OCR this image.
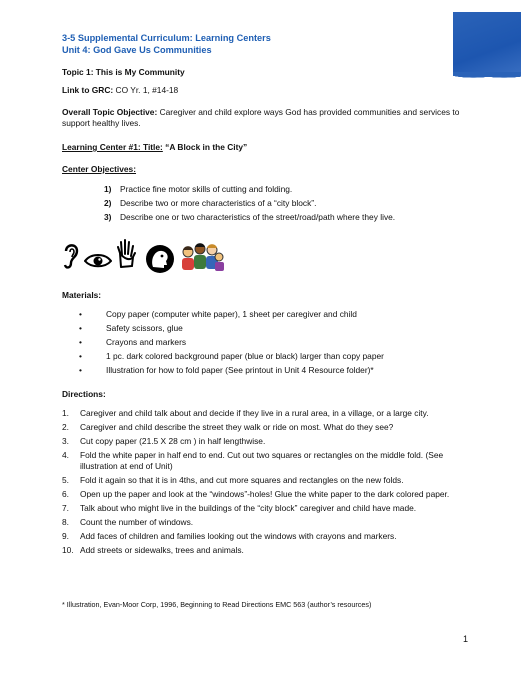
3-5 Supplemental Curriculum: Learning Centers
Unit 4: God Gave Us Communities
Topic 1: This is My Community
Link to GRC: CO Yr. 1, #14-18
Overall Topic Objective: Caregiver and child explore ways God has provided communities and services to support healthy lives.
Learning Center #1: Title: “A Block in the City”
Center Objectives:
1) Practice fine motor skills of cutting and folding.
2) Describe two or more characteristics of a “city block”.
3) Describe one or two characteristics of the street/road/path where they live.
Materials:
• Copy paper (computer white paper), 1 sheet per caregiver and child
• Safety scissors, glue
• Crayons and markers
• 1 pc. dark colored background paper (blue or black) larger than copy paper
• Illustration for how to fold paper (See printout in Unit 4 Resource folder)*
Directions:
1. Caregiver and child talk about and decide if they live in a rural area, in a village, or a large city.
2. Caregiver and child describe the street they walk or ride on most. What do they see?
3. Cut copy paper (21.5 X 28 cm ) in half lengthwise.
4. Fold the white paper in half end to end. Cut out two squares or rectangles on the middle fold. (See illustration at end of Unit)
5. Fold it again so that it is in 4ths, and cut more squares and rectangles on the new folds.
6. Open up the paper and look at the “windows”-holes! Glue the white paper to the dark colored paper.
7. Talk about who might live in the buildings of the “city block” caregiver and child have made.
8. Count the number of windows.
9. Add faces of children and families looking out the windows with crayons and markers.
10. Add streets or sidewalks, trees and animals.
* Illustration, Evan-Moor Corp, 1996, Beginning to Read Directions EMC 563 (author’s resources)
1
